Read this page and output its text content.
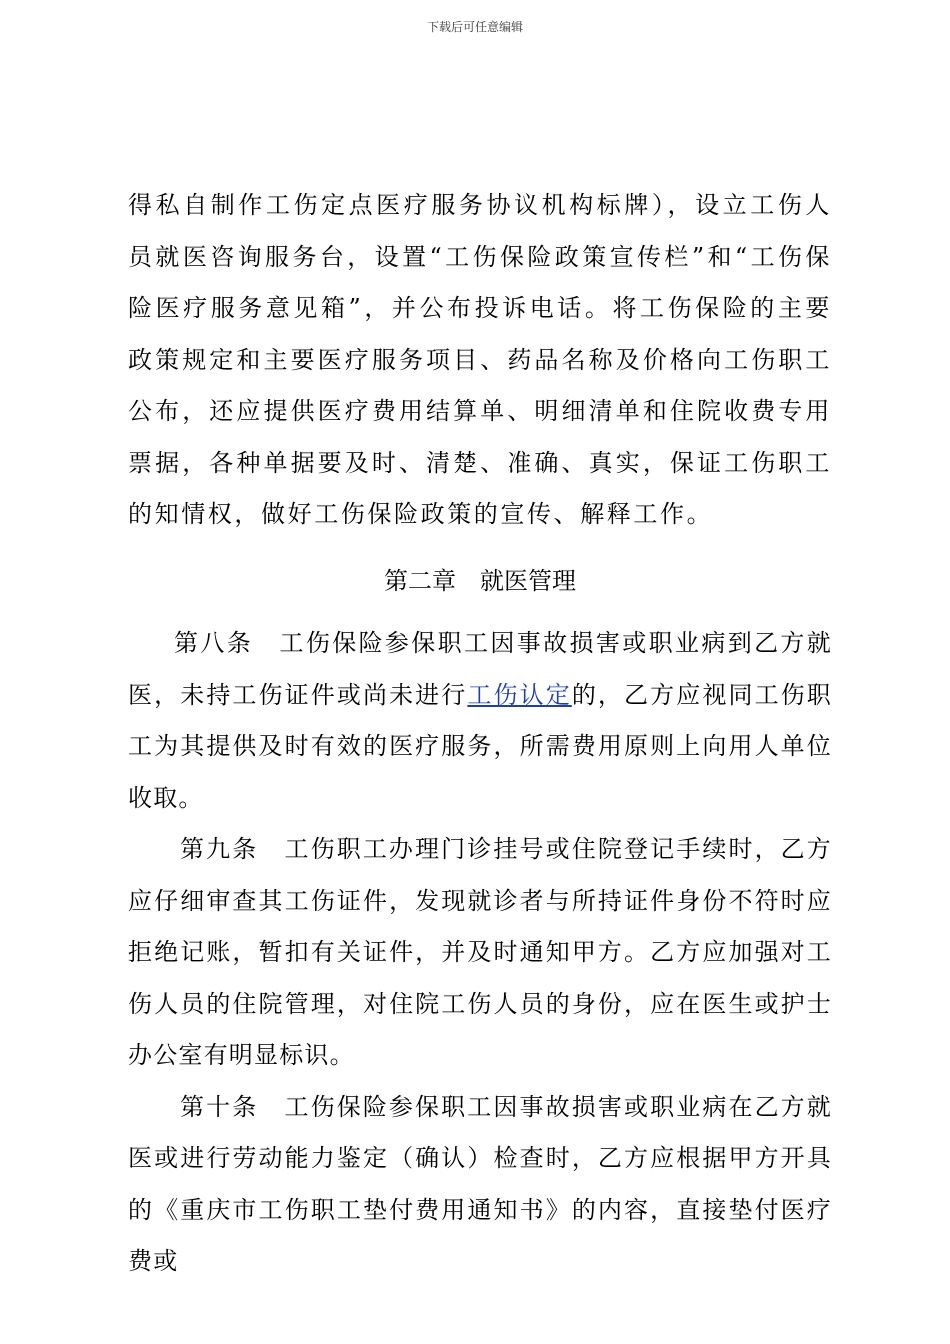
下载后可任意编辑

得私自制作工伤定点医疗服务协议机构标牌），设立工伤人员就医咨询服务台，设置“工伤保险政策宣传栏”和“工伤保险医疗服务意见箱”，并公布投诉电话。将工伤保险的主要政策规定和主要医疗服务项目、药品名称及价格向工伤职工公布，还应提供医疗费用结算单、明细清单和住院收费专用票据，各种单据要及时、清楚、准确、真实，保证工伤职工的知情权，做好工伤保险政策的宣传、解释工作。

第二章　就医管理

第八条　工伤保险参保职工因事故损害或职业病到乙方就医，未持工伤证件或尚未进行工伤认定的，乙方应视同工伤职工为其提供及时有效的医疗服务，所需费用原则上向用人单位收取。

第九条　工伤职工办理门诊挂号或住院登记手续时，乙方应仔细审查其工伤证件，发现就诊者与所持证件身份不符时应拒绝记账，暂扣有关证件，并及时通知甲方。乙方应加强对工伤人员的住院管理，对住院工伤人员的身份，应在医生或护士办公室有明显标识。

第十条　工伤保险参保职工因事故损害或职业病在乙方就医或进行劳动能力鉴定（确认）检查时，乙方应根据甲方开具的《重庆市工伤职工垫付费用通知书》的内容，直接垫付医疗费或
